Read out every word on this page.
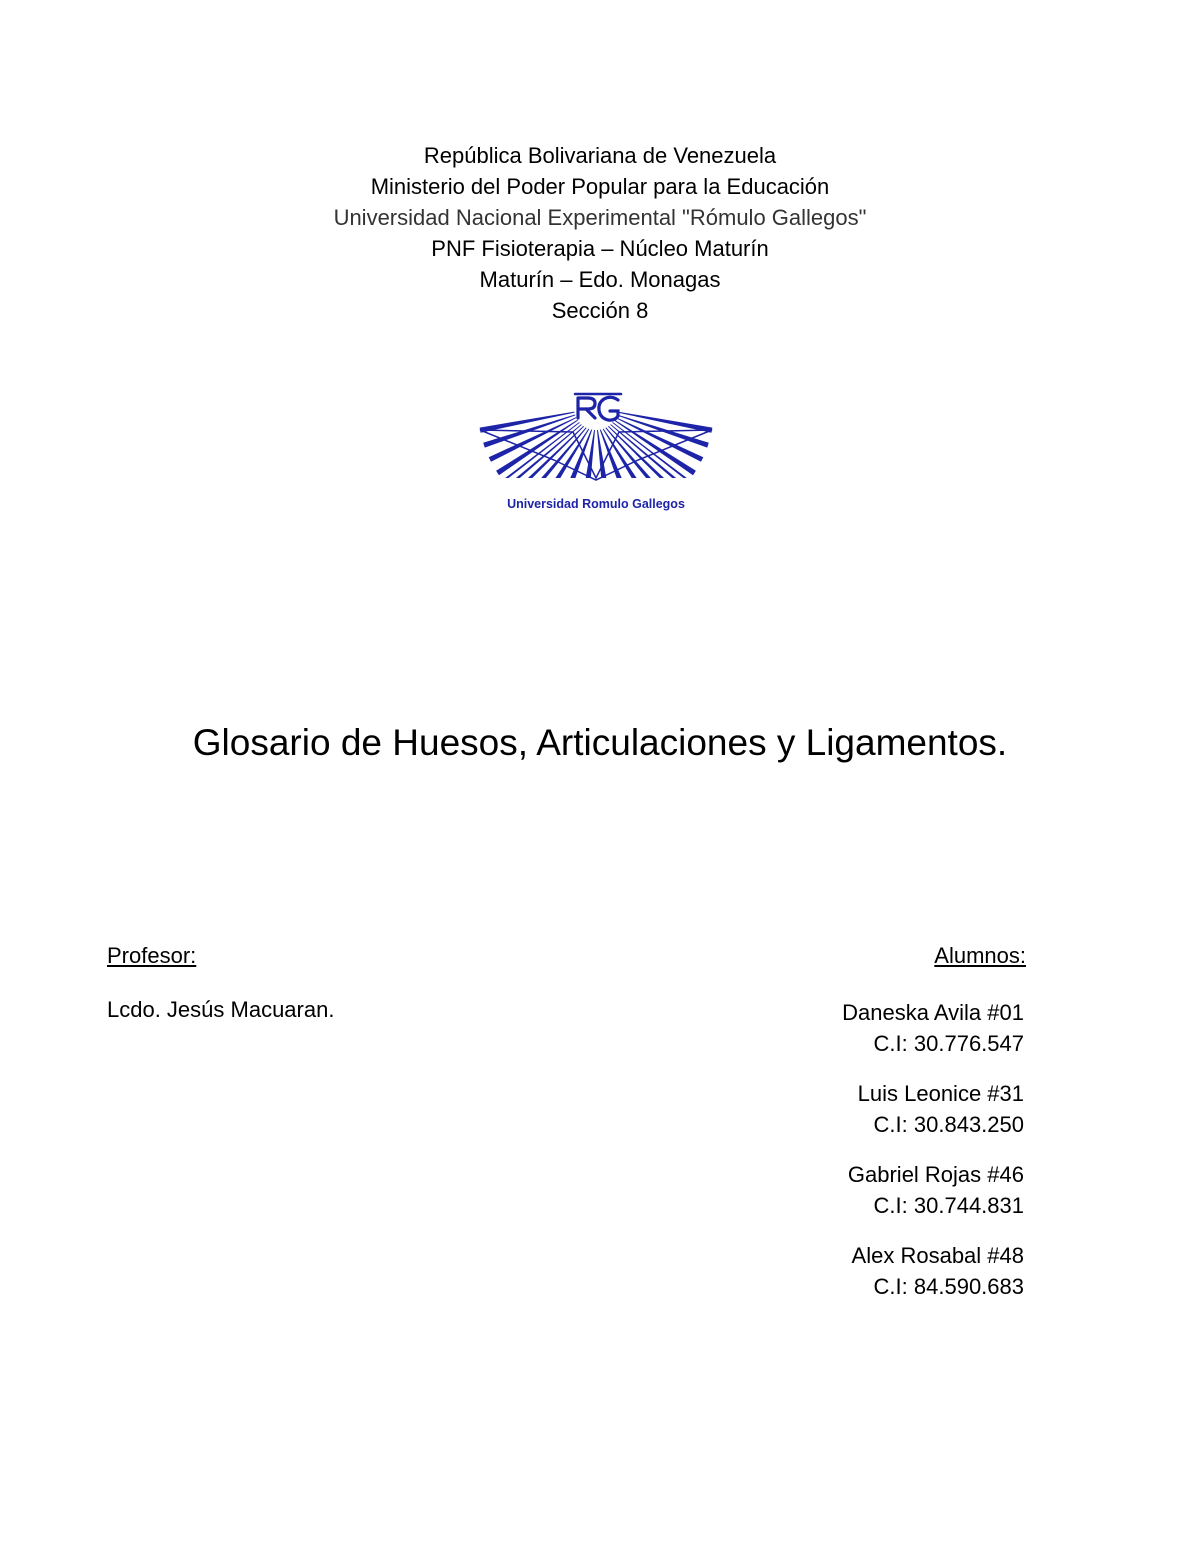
República Bolivariana de Venezuela
Ministerio del Poder Popular para la Educación
Universidad Nacional Experimental "Rómulo Gallegos"
PNF Fisioterapia – Núcleo Maturín
Maturín – Edo. Monagas
Sección 8
Universidad Romulo Gallegos
Glosario de Huesos, Articulaciones y Ligamentos.
Profesor:	Alumnos:
Lcdo. Jesús Macuaran.	Daneska Avila #01
C.I: 30.776.547
Luis Leonice #31
C.I: 30.843.250
Gabriel Rojas #46
C.I: 30.744.831
Alex Rosabal #48
C.I: 84.590.683
